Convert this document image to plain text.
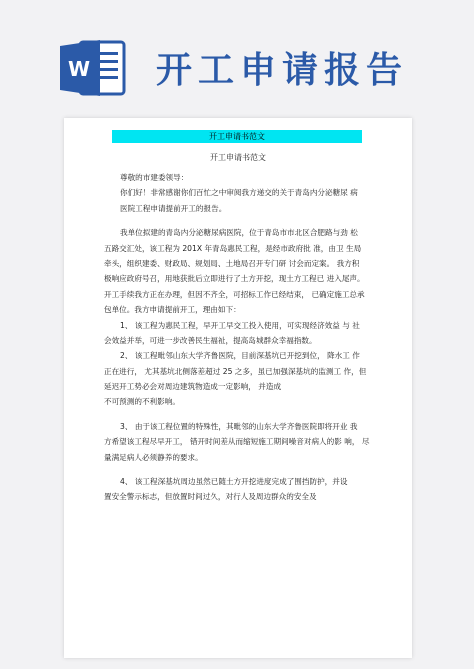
W 开工申请报告
开工申请书范文
开工申请书范文
尊敬的市建委领导：
你们好！非常感谢你们百忙之中审阅我方递交的关于青岛内分泌糖尿 病
医院工程申请提前开工的报告。
我单位拟建的青岛内分泌糖尿病医院，位于青岛市市北区合肥路与劲 松
五路交汇处，该工程为 201X 年青岛惠民工程，是经市政府批 准，由卫 生局
牵头，组织建委、财政局、规划局、土地局召开专门研 讨会而定案。 我方积
极响应政府号召，用地获批后立即进行了土方开挖，现土方工程已 进入尾声。
开工手续我方正在办理，但因不齐全，可招标工作已经结束， 已确定施工总承
包单位。我方申请提前开工，理由如下：
1、 该工程为惠民工程，早开工早交工投入使用，可实现经济效益 与 社
会效益并举，可进一步改善民生福祉，提高岛城群众幸福指数。
2、 该工程毗邻山东大学齐鲁医院，目前深基坑已开挖到位， 降水工 作
正在进行， 尤其基坑北侧落差超过 25 之多，虽已加强深基坑的监测工 作，但
延迟开工势必会对周边建筑物造成一定影响， 并造成
不可预测的不利影响。
3、 由于该工程位置的特殊性，其毗邻的山东大学齐鲁医院即将开业 我
方希望该工程尽早开工， 错开时间差从而缩短施工期间噪音对病人的影 响， 尽
量满足病人必须静养的要求。
4、 该工程深基坑周边虽然已随土方开挖进度完成了围挡防护，并设
置安全警示标志，但放置时间过久，对行人及周边群众的安全及
